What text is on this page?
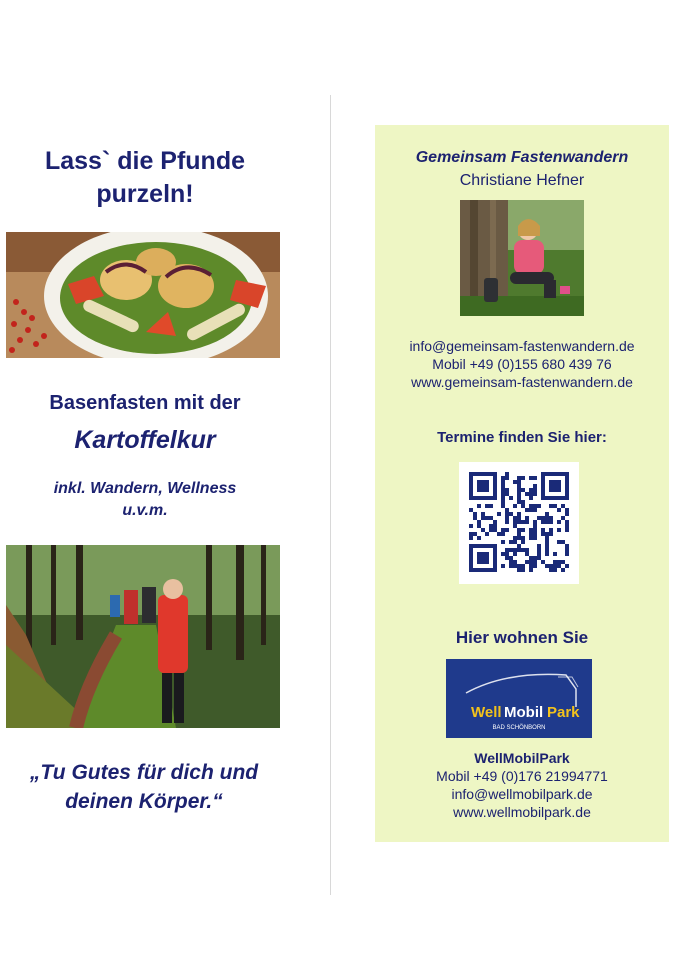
Lass` die Pfunde
purzeln!
Basenfasten mit der
Kartoffelkur
inkl. Wandern, Wellness
u.v.m.
„Tu Gutes für dich und
deinen Körper.“
Gemeinsam Fastenwandern
Christiane Hefner
info@gemeinsam-fastenwandern.de
Mobil +49 (0)155 680 439 76
www.gemeinsam-fastenwandern.de
Termine finden Sie hier:
Hier wohnen Sie
Well Mobil Park
BAD SCHÖNBORN
WellMobilPark
Mobil +49 (0)176 21994771
info@wellmobilpark.de
www.wellmobilpark.de
